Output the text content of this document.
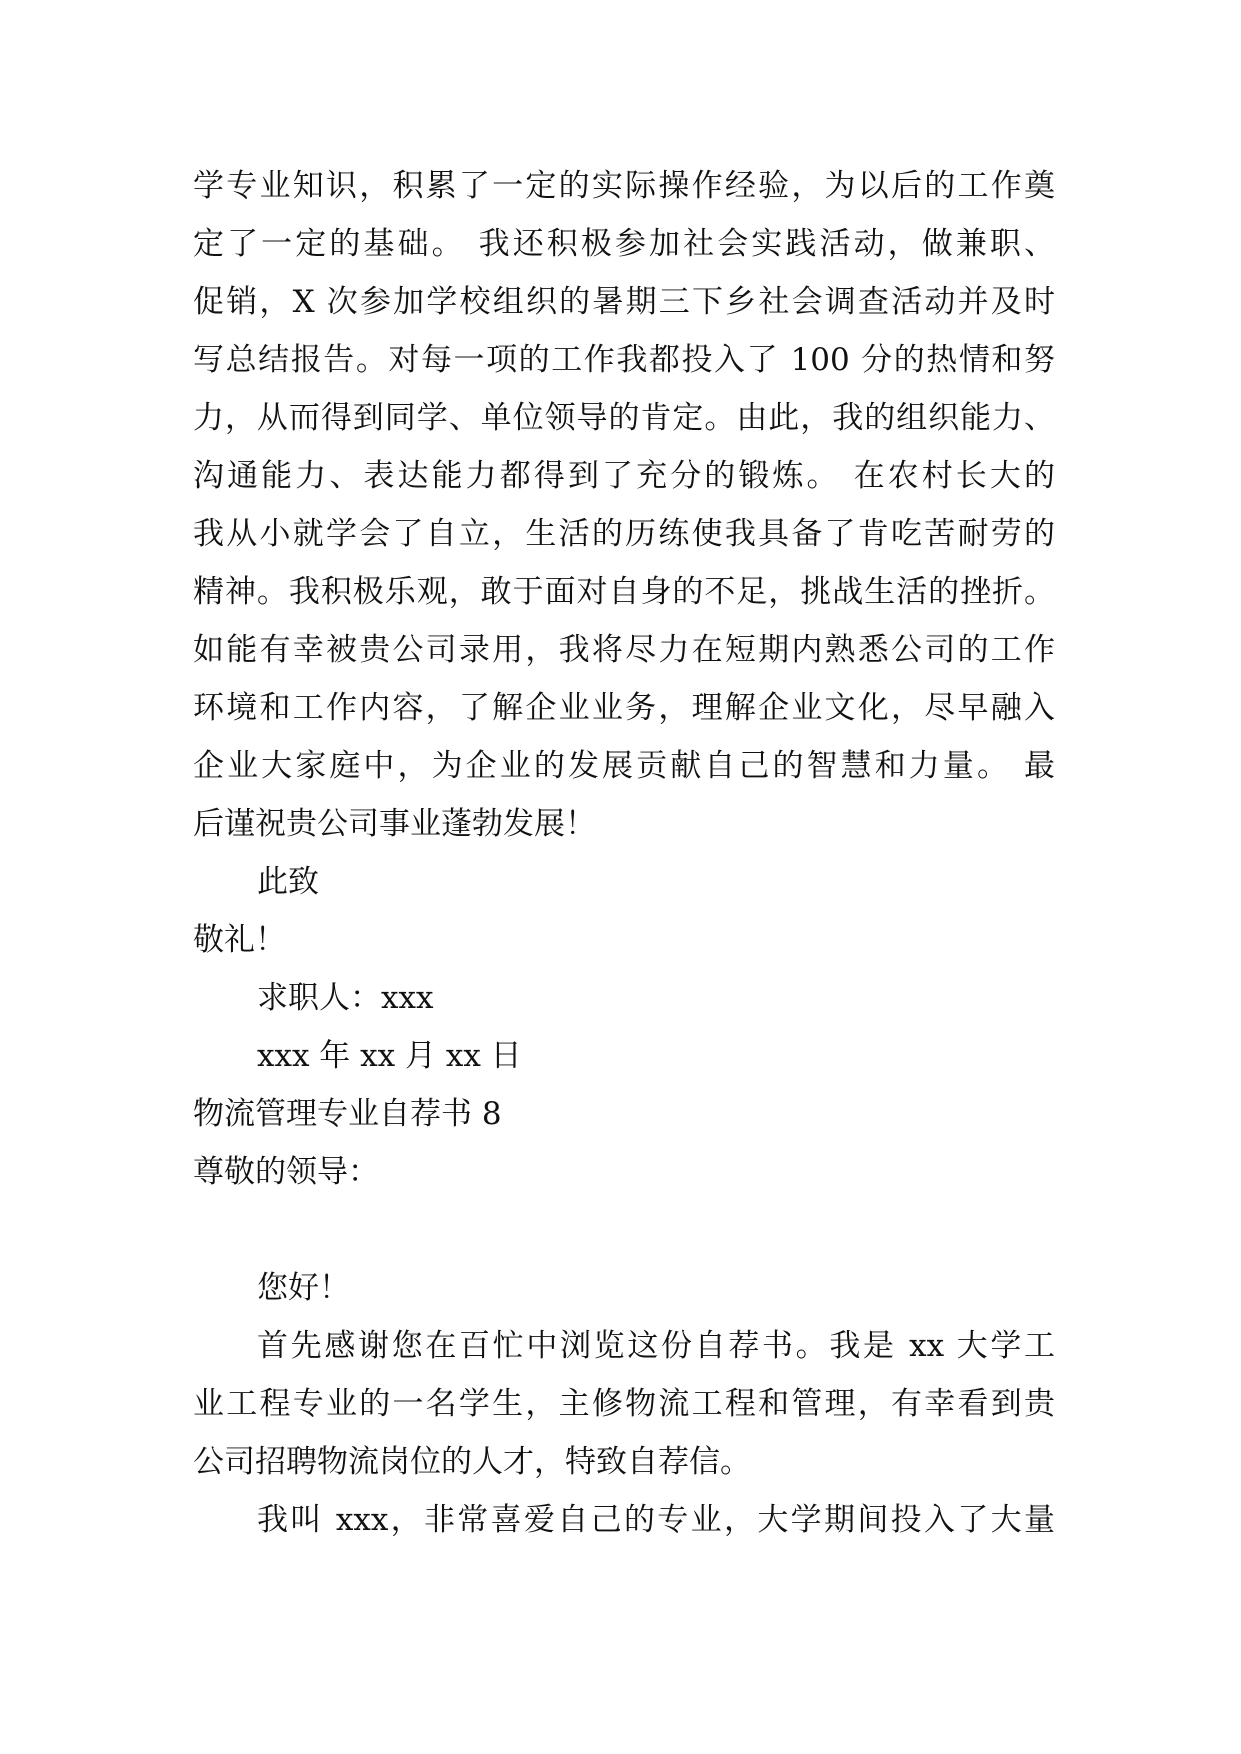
学专业知识，积累了一定的实际操作经验，为以后的工作奠
定了一定的基础。 我还积极参加社会实践活动，做兼职、
促销，X 次参加学校组织的暑期三下乡社会调查活动并及时
写总结报告。对每一项的工作我都投入了 100 分的热情和努
力，从而得到同学、单位领导的肯定。由此，我的组织能力、
沟通能力、表达能力都得到了充分的锻炼。 在农村长大的
我从小就学会了自立，生活的历练使我具备了肯吃苦耐劳的
精神。我积极乐观，敢于面对自身的不足，挑战生活的挫折。
如能有幸被贵公司录用，我将尽力在短期内熟悉公司的工作
环境和工作内容，了解企业业务，理解企业文化，尽早融入
企业大家庭中，为企业的发展贡献自己的智慧和力量。 最
后谨祝贵公司事业蓬勃发展！
此致
敬礼！
求职人：xxx
xxx 年 xx 月 xx 日
物流管理专业自荐书 8
尊敬的领导：
您好！
首先感谢您在百忙中浏览这份自荐书。我是 xx 大学工
业工程专业的一名学生，主修物流工程和管理，有幸看到贵
公司招聘物流岗位的人才，特致自荐信。
我叫 xxx，非常喜爱自己的专业，大学期间投入了大量
